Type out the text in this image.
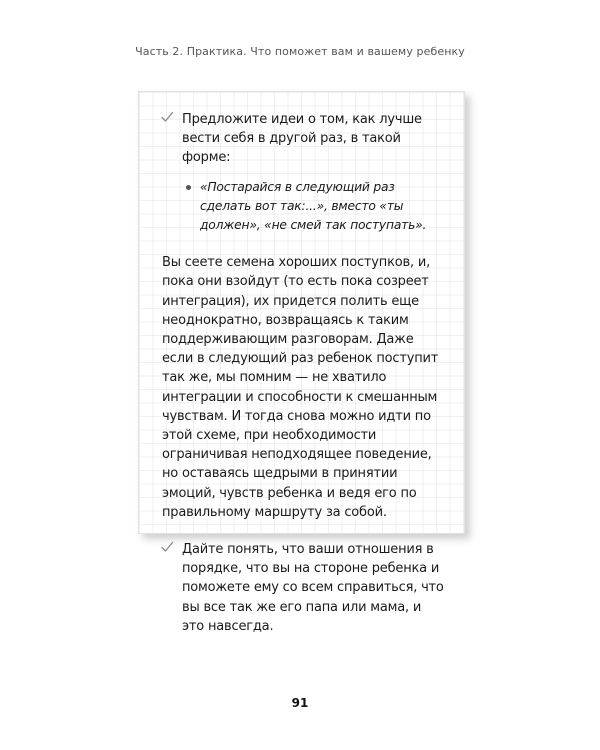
Часть 2. Практика. Что поможет вам и вашему ребенку

Предложите идеи о том, как лучше вести себя в другой раз, в такой форме:

«Постарайся в следующий раз сделать вот так:...», вместо «ты должен», «не смей так поступать».

Вы сеете семена хороших поступков, и, пока они взойдут (то есть пока созреет интеграция), их придется полить еще неоднократно, возвращаясь к таким поддерживающим разговорам. Даже если в следующий раз ребенок поступит так же, мы помним — не хватило интеграции и способности к смешанным чувствам. И тогда снова можно идти по этой схеме, при необходимости ограничивая неподходящее поведение, но оставаясь щедрыми в принятии эмоций, чувств ребенка и ведя его по правильному маршруту за собой.

Дайте понять, что ваши отношения в порядке, что вы на стороне ребенка и поможете ему со всем справиться, что вы все так же его папа или мама, и это навсегда.

91
